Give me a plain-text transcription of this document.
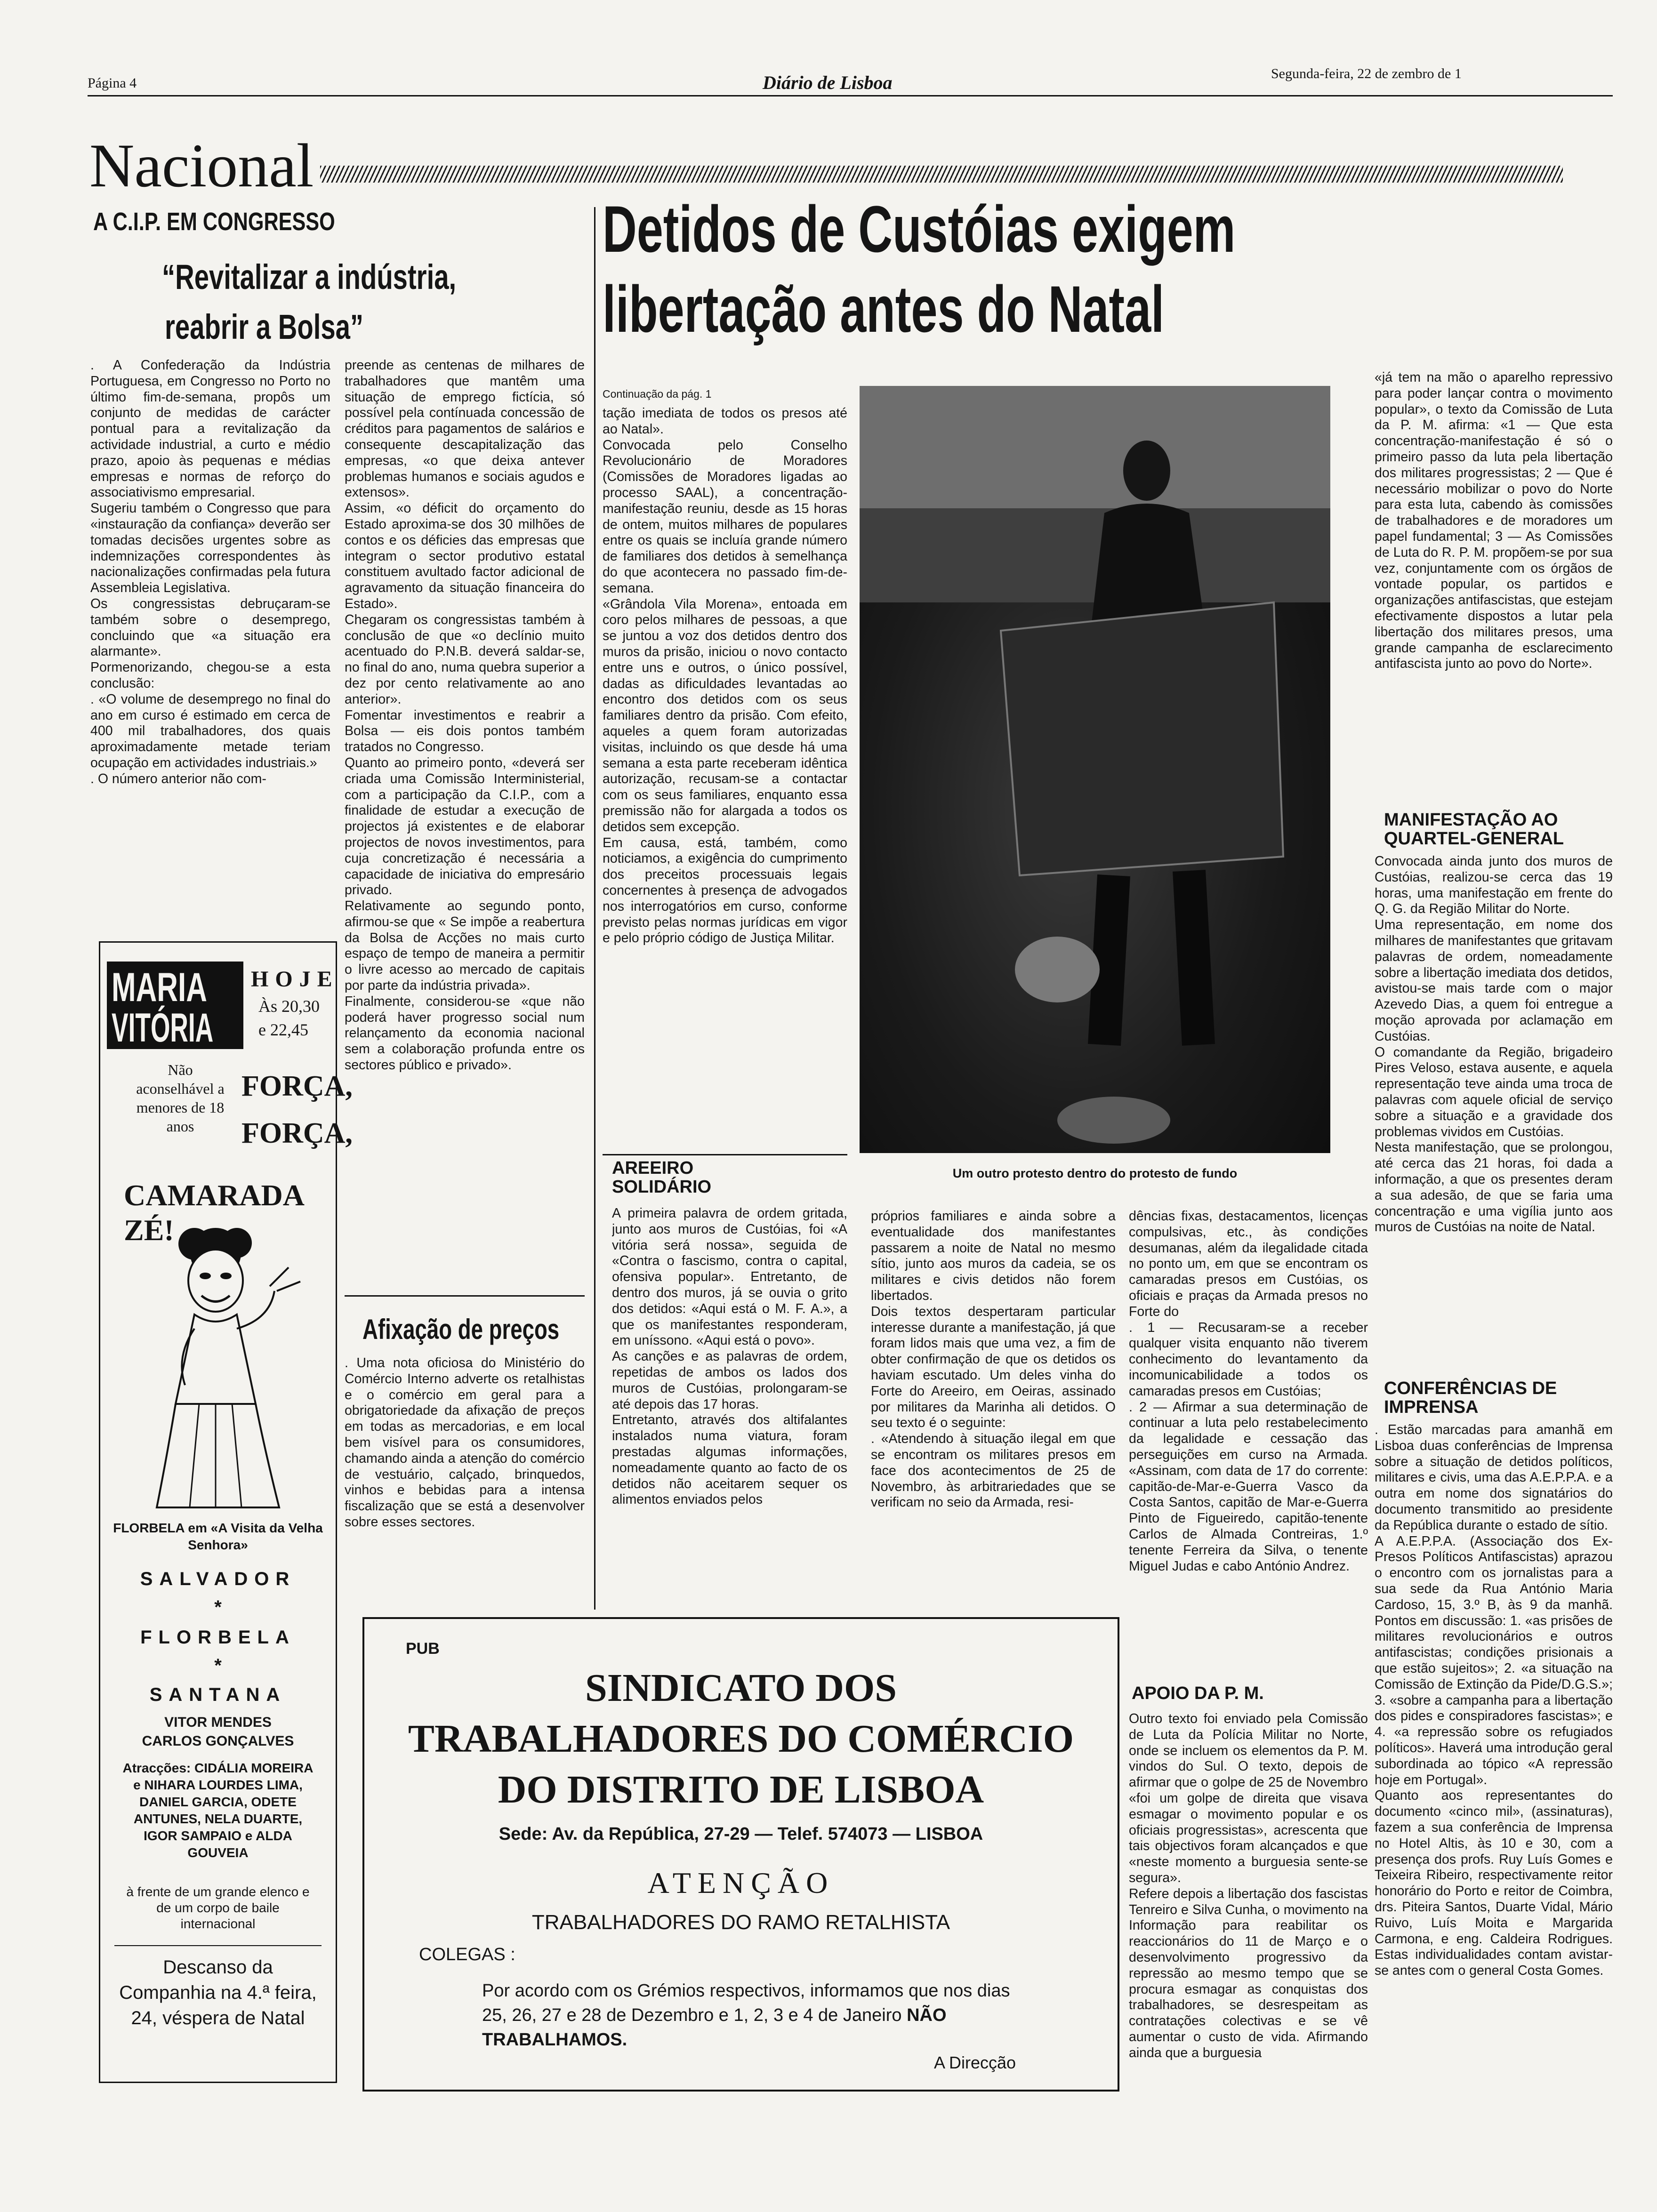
Página 4	Diário de Lisboa	Segunda-feira, 22 de zembro de 1
Nacional
A C.I.P. EM CONGRESSO
“Revitalizar a indústria,
reabrir a Bolsa”

. A Confederação da Indústria Portuguesa, em Congresso no Porto no último fim-de-semana, propôs um conjunto de medidas de carácter pontual para a revitalização da actividade industrial, a curto e médio prazo, apoio às pequenas e médias empresas e normas de reforço do associativismo empresarial.

Sugeriu também o Congresso que para «instauração da confiança» deverão ser tomadas decisões urgentes sobre as indemnizações correspondentes às nacionalizações confirmadas pela futura Assembleia Legislativa.

Os congressistas debruçaram-se também sobre o desemprego, concluindo que «a situação era alarmante».

Pormenorizando, chegou-se a esta conclusão:

. «O volume de desemprego no final do ano em curso é estimado em cerca de 400 mil trabalhadores, dos quais aproximadamente metade teriam ocupação em actividades industriais.»

. O número anterior não com-

preende as centenas de milhares de trabalhadores que mantêm uma situação de emprego fictícia, só possível pela contínuada concessão de créditos para pagamentos de salários e consequente descapitalização das empresas, «o que deixa antever problemas humanos e sociais agudos e extensos».

Assim, «o déficit do orçamento do Estado aproxima-se dos 30 milhões de contos e os déficies das empresas que integram o sector produtivo estatal constituem avultado factor adicional de agravamento da situação financeira do Estado».

Chegaram os congressistas também à conclusão de que «o declínio muito acentuado do P.N.B. deverá saldar-se, no final do ano, numa quebra superior a dez por cento relativamente ao ano anterior».

Fomentar investimentos e reabrir a Bolsa — eis dois pontos também tratados no Congresso.

Quanto ao primeiro ponto, «deverá ser criada uma Comissão Interministerial, com a participação da C.I.P., com a finalidade de estudar a execução de projectos já existentes e de elaborar projectos de novos investimentos, para cuja concretização é necessária a capacidade de iniciativa do empresário privado.

Relativamente ao segundo ponto, afirmou-se que « Se impõe a reabertura da Bolsa de Acções no mais curto espaço de tempo de maneira a permitir o livre acesso ao mercado de capitais por parte da indústria privada».

Finalmente, considerou-se «que não poderá haver progresso social num relançamento da economia nacional sem a colaboração profunda entre os sectores público e privado».

Afixação de preços

. Uma nota oficiosa do Ministério do Comércio Interno adverte os retalhistas e o comércio em geral para a obrigatoriedade da afixação de preços em todas as mercadorias, e em local bem visível para os consumidores, chamando ainda a atenção do comércio de vestuário, calçado, brinquedos, vinhos e bebidas para a intensa fiscalização que se está a desenvolver sobre esses sectores.

MARIA
VITÓRIA
HOJE
Às 20,30
e 22,45
Não aconselhável a menores de 18 anos
FORÇA,
FORÇA,
CAMARADA ZÉ!
FLORBELA em «A Visita da Velha Senhora»
SALVADOR
*
FLORBELA
*
SANTANA
VITOR MENDES
CARLOS GONÇALVES
Atracções: CIDÁLIA MOREIRA e NIHARA LOURDES LIMA, DANIEL GARCIA, ODETE ANTUNES, NELA DUARTE, IGOR SAMPAIO e ALDA GOUVEIA
à frente de um grande elenco e de um corpo de baile internacional
Descanso da Companhia na 4.ª feira, 24, véspera de Natal
Detidos de Custóias exigem
libertação antes do Natal
Continuação da pág. 1

tação imediata de todos os presos até ao Natal».

Convocada pelo Conselho Revolucionário de Moradores (Comissões de Moradores ligadas ao processo SAAL), a concentração-manifestação reuniu, desde as 15 horas de ontem, muitos milhares de populares entre os quais se incluía grande número de familiares dos detidos à semelhança do que acontecera no passado fim-de-semana.

«Grândola Vila Morena», entoada em coro pelos milhares de pessoas, a que se juntou a voz dos detidos dentro dos muros da prisão, iniciou o novo contacto entre uns e outros, o único possível, dadas as dificuldades levantadas ao encontro dos detidos com os seus familiares dentro da prisão. Com efeito, aqueles a quem foram autorizadas visitas, incluindo os que desde há uma semana a esta parte receberam idêntica autorização, recusam-se a contactar com os seus familiares, enquanto essa premissão não for alargada a todos os detidos sem excepção.

Em causa, está, também, como noticiamos, a exigência do cumprimento dos preceitos processuais legais concernentes à presença de advogados nos interrogatórios em curso, conforme previsto pelas normas jurídicas em vigor e pelo próprio código de Justiça Militar.

Um outro protesto dentro do protesto de fundo
AREEIRO SOLIDÁRIO

A primeira palavra de ordem gritada, junto aos muros de Custóias, foi «A vitória será nossa», seguida de «Contra o fascismo, contra o capital, ofensiva popular». Entretanto, de dentro dos muros, já se ouvia o grito dos detidos: «Aqui está o M. F. A.», a que os manifestantes responderam, em uníssono. «Aqui está o povo».

As canções e as palavras de ordem, repetidas de ambos os lados dos muros de Custóias, prolongaram-se até depois das 17 horas.

Entretanto, através dos altifalantes instalados numa viatura, foram prestadas algumas informações, nomeadamente quanto ao facto de os detidos não aceitarem sequer os alimentos enviados pelos

próprios familiares e ainda sobre a eventualidade dos manifestantes passarem a noite de Natal no mesmo sítio, junto aos muros da cadeia, se os militares e civis detidos não forem libertados.

Dois textos despertaram particular interesse durante a manifestação, já que foram lidos mais que uma vez, a fim de obter confirmação de que os detidos os haviam escutado. Um deles vinha do Forte do Areeiro, em Oeiras, assinado por militares da Marinha ali detidos. O seu texto é o seguinte:

. «Atendendo à situação ilegal em que se encontram os militares presos em face dos acontecimentos de 25 de Novembro, às arbitrariedades que se verificam no seio da Armada, resi-

dências fixas, destacamentos, licenças compulsivas, etc., às condições desumanas, além da ilegalidade citada no ponto um, em que se encontram os camaradas presos em Custóias, os oficiais e praças da Armada presos no Forte do

. 1 — Recusaram-se a receber qualquer visita enquanto não tiverem conhecimento do levantamento da incomunicabilidade a todos os camaradas presos em Custóias;

. 2 — Afirmar a sua determinação de continuar a luta pelo restabelecimento da legalidade e cessação das perseguições em curso na Armada. «Assinam, com data de 17 do corrente: capitão-de-Mar-e-Guerra Vasco da Costa Santos, capitão de Mar-e-Guerra Pinto de Figueiredo, capitão-tenente Carlos de Almada Contreiras, 1.º tenente Ferreira da Silva, o tenente Miguel Judas e cabo António Andrez.

APOIO DA P. M.

Outro texto foi enviado pela Comissão de Luta da Polícia Militar no Norte, onde se incluem os elementos da P. M. vindos do Sul. O texto, depois de afirmar que o golpe de 25 de Novembro «foi um golpe de direita que visava esmagar o movimento popular e os oficiais progressistas», acrescenta que tais objectivos foram alcançados e que «neste momento a burguesia sente-se segura».

Refere depois a libertação dos fascistas Tenreiro e Silva Cunha, o movimento na Informação para reabilitar os reaccionários do 11 de Março e o desenvolvimento progressivo da repressão ao mesmo tempo que se procura esmagar as conquistas dos trabalhadores, se desrespeitam as contratações colectivas e se vê aumentar o custo de vida. Afirmando ainda que a burguesia

«já tem na mão o aparelho repressivo para poder lançar contra o movimento popular», o texto da Comissão de Luta da P. M. afirma: «1 — Que esta concentração-manifestação é só o primeiro passo da luta pela libertação dos militares progressistas; 2 — Que é necessário mobilizar o povo do Norte para esta luta, cabendo às comissões de trabalhadores e de moradores um papel fundamental; 3 — As Comissões de Luta do R. P. M. propõem-se por sua vez, conjuntamente com os órgãos de vontade popular, os partidos e organizações antifascistas, que estejam efectivamente dispostos a lutar pela libertação dos militares presos, uma grande campanha de esclarecimento antifascista junto ao povo do Norte».

MANIFESTAÇÃO AO QUARTEL-GENERAL

Convocada ainda junto dos muros de Custóias, realizou-se cerca das 19 horas, uma manifestação em frente do Q. G. da Região Militar do Norte.

Uma representação, em nome dos milhares de manifestantes que gritavam palavras de ordem, nomeadamente sobre a libertação imediata dos detidos, avistou-se mais tarde com o major Azevedo Dias, a quem foi entregue a moção aprovada por aclamação em Custóias.

O comandante da Região, brigadeiro Pires Veloso, estava ausente, e aquela representação teve ainda uma troca de palavras com aquele oficial de serviço sobre a situação e a gravidade dos problemas vividos em Custóias.

Nesta manifestação, que se prolongou, até cerca das 21 horas, foi dada a informação, a que os presentes deram a sua adesão, de que se faria uma concentração e uma vigília junto aos muros de Custóias na noite de Natal.

CONFERÊNCIAS DE IMPRENSA

. Estão marcadas para amanhã em Lisboa duas conferências de Imprensa sobre a situação de detidos políticos, militares e civis, uma das A.E.P.P.A. e a outra em nome dos signatários do documento transmitido ao presidente da República durante o estado de sítio.

A A.E.P.P.A. (Associação dos Ex-Presos Políticos Antifascistas) aprazou o encontro com os jornalistas para a sua sede da Rua António Maria Cardoso, 15, 3.º B, às 9 da manhã. Pontos em discussão: 1. «as prisões de militares revolucionários e outros antifascistas; condições prisionais a que estão sujeitos»; 2. «a situação na Comissão de Extinção da Pide/D.G.S.»; 3. «sobre a campanha para a libertação dos pides e conspiradores fascistas»; e 4. «a repressão sobre os refugiados políticos». Haverá uma introdução geral subordinada ao tópico «A repressão hoje em Portugal».

Quanto aos representantes do documento «cinco mil», (assinaturas), fazem a sua conferência de Imprensa no Hotel Altis, às 10 e 30, com a presença dos profs. Ruy Luís Gomes e Teixeira Ribeiro, respectivamente reitor honorário do Porto e reitor de Coimbra, drs. Piteira Santos, Duarte Vidal, Mário Ruivo, Luís Moita e Margarida Carmona, e eng. Caldeira Rodrigues. Estas individualidades contam avistar-se antes com o general Costa Gomes.

PUB
SINDICATO DOS
TRABALHADORES DO COMÉRCIO
DO DISTRITO DE LISBOA
Sede: Av. da República, 27-29 — Telef. 574073 — LISBOA
ATENÇÃO
TRABALHADORES DO RAMO RETALHISTA
COLEGAS :
Por acordo com os Grémios respectivos, informamos que nos dias 25, 26, 27 e 28 de Dezembro e 1, 2, 3 e 4 de Janeiro NÃO TRABALHAMOS.
A Direcção
